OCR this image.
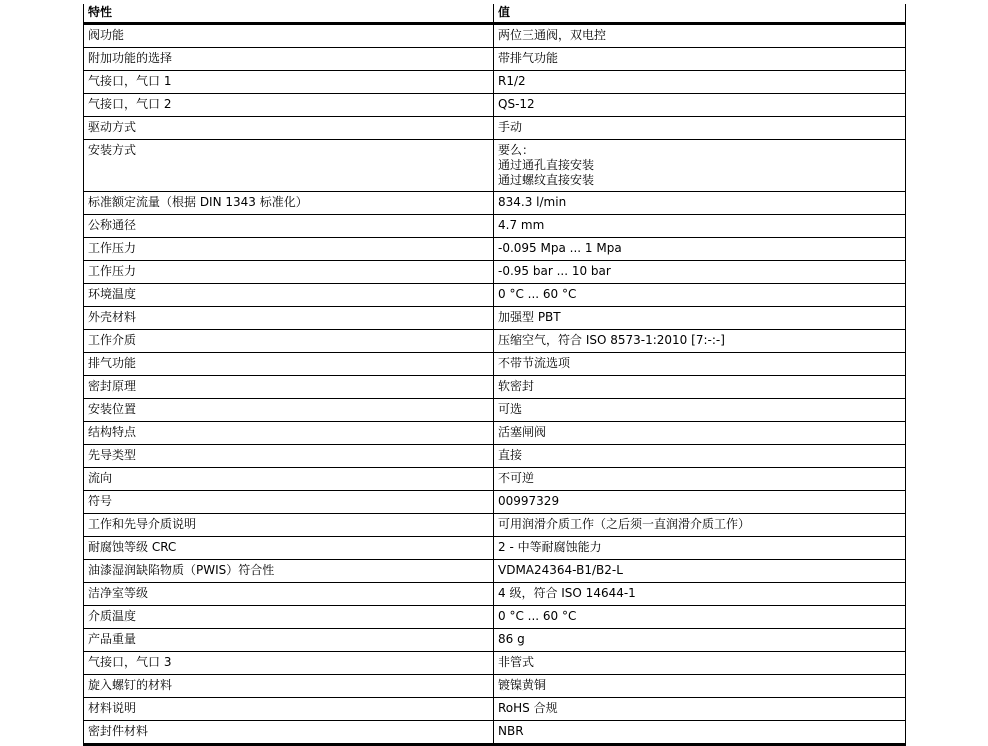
特性	值
阀功能	两位三通阀，双电控

附加功能的选择	带排气功能

气接口，气口 1	R1/2

气接口，气口 2	QS-12

驱动方式	手动

安装方式	要么：
通过通孔直接安装
通过螺纹直接安装

标准额定流量（根据 DIN 1343 标准化）	834.3 l/min

公称通径	4.7 mm

工作压力	-0.095 Mpa ... 1 Mpa

工作压力	-0.95 bar ... 10 bar

环境温度	0 °C ... 60 °C

外壳材料	加强型 PBT

工作介质	压缩空气，符合 ISO 8573-1:2010 [7:-:-]

排气功能	不带节流选项

密封原理	软密封

安装位置	可选

结构特点	活塞闸阀

先导类型	直接

流向	不可逆

符号	00997329

工作和先导介质说明	可用润滑介质工作（之后须一直润滑介质工作）

耐腐蚀等级 CRC	2 - 中等耐腐蚀能力

油漆湿润缺陷物质（PWIS）符合性	VDMA24364-B1/B2-L

洁净室等级	4 级，符合 ISO 14644-1

介质温度	0 °C ... 60 °C

产品重量	86 g

气接口，气口 3	非管式

旋入螺钉的材料	镀镍黄铜

材料说明	RoHS 合规

密封件材料	NBR
